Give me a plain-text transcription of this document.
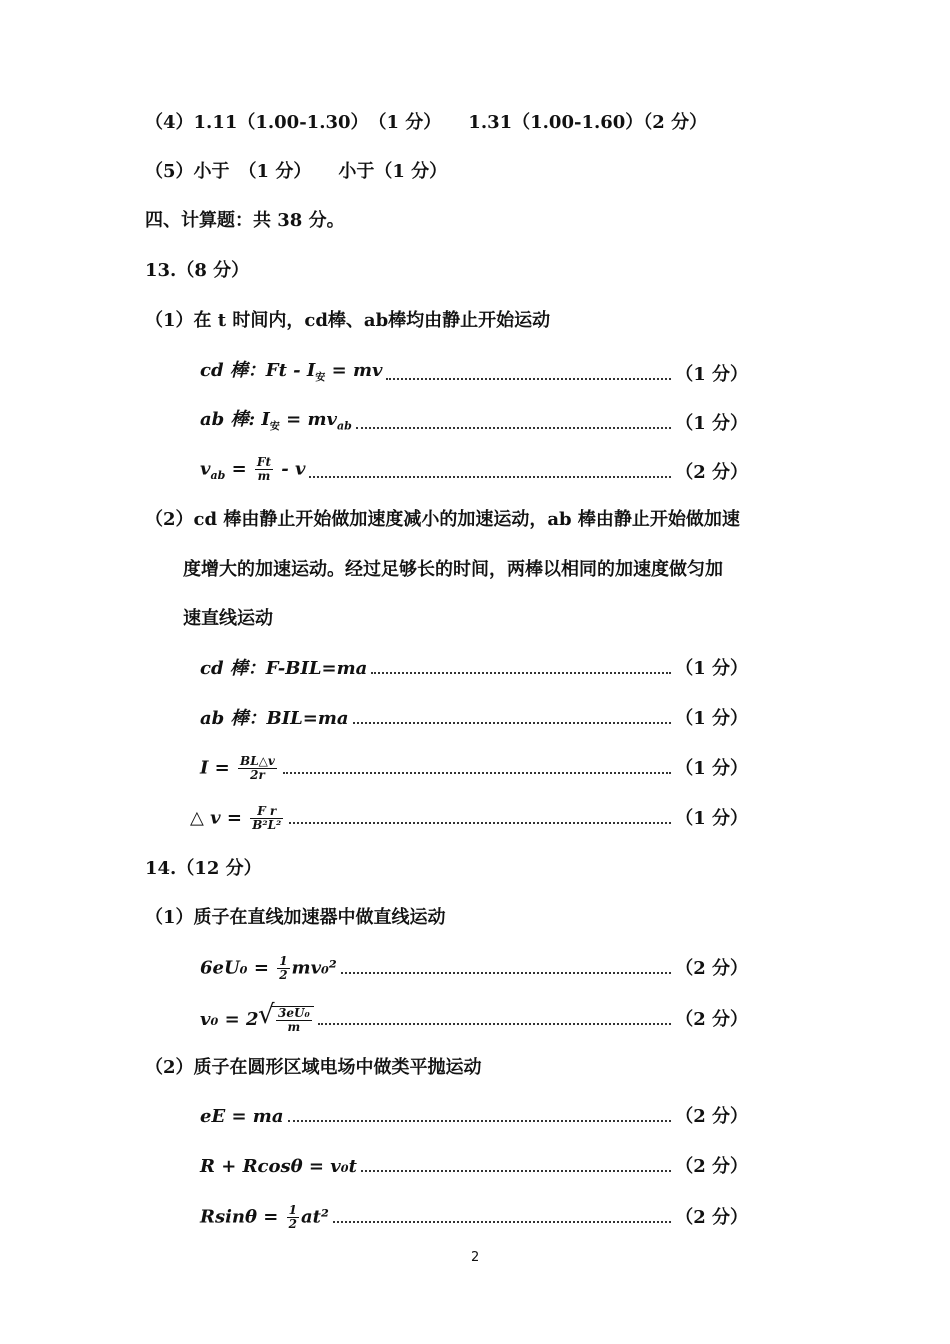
（4）1.11（1.00-1.30）　（1 分）　　1.31（1.00-1.60）（2 分）
（5）小于　（1 分）　　小于（1 分）
四、计算题：共 38 分。
13.（8 分）
（1）在 t 时间内，cd棒、ab棒均由静止开始运动
cd 棒：Ft - $I_安$ = mv	（1 分）
ab 棒: $I_安 = mv_{ab}$	（1 分）
$v_{ab} = \frac{Ft}{m} - v$	（2 分）
（2）cd 棒由静止开始做加速度减小的加速运动，ab 棒由静止开始做加速
度增大的加速运动。经过足够长的时间，两棒以相同的加速度做匀加
速直线运动
cd 棒：F-BIL=ma	（1 分）
ab 棒：BIL=ma	（1 分）
$I = \frac{BL\triangle v}{2r}$	（1 分）
△ $v = \frac{\text{F r}}{\text{B²L²}}$	（1 分）
14.（12 分）
（1）质子在直线加速器中做直线运动
$6eU_0 = \frac{1}{2} mv_0^2$	（2 分）
v₀ = 2
√ $\frac{\text{3eU₀}}{m}$	（2 分）
（2）质子在圆形区域电场中做类平抛运动
eE = ma	（2 分）
R + Rcosθ = v₀t	（2 分）
$Rsin\theta = \frac{1}{2} at^2$	（2 分）
2
